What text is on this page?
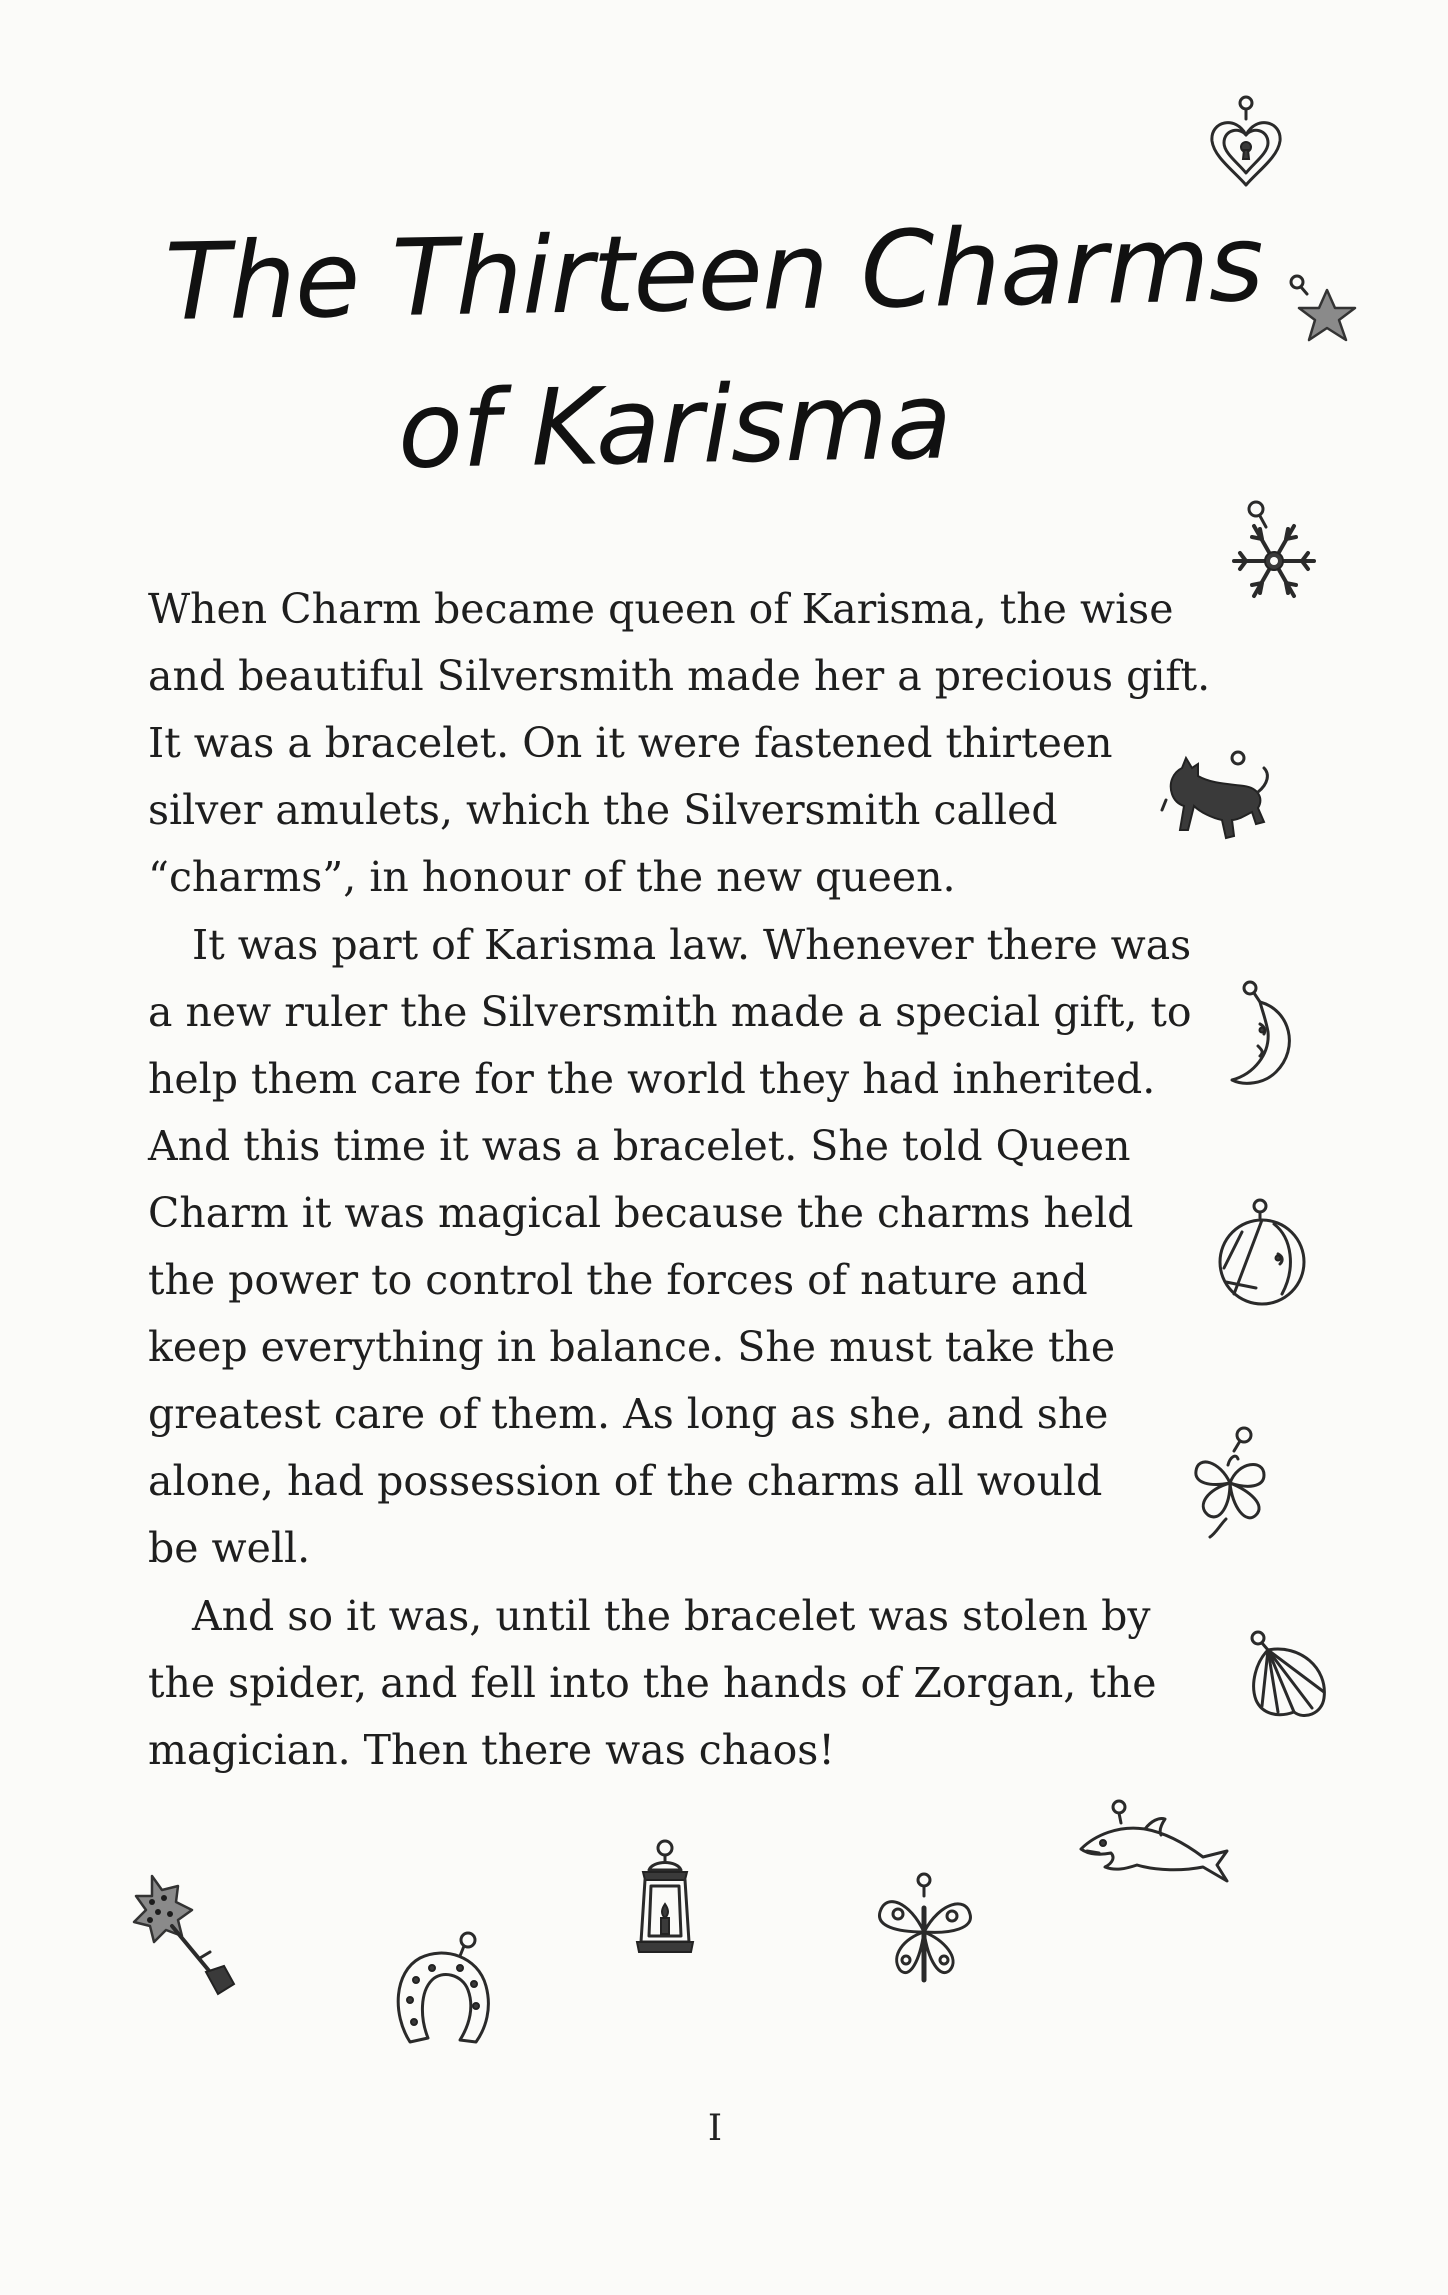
The Thirteen Charms
of Karisma

When Charm became queen of Karisma, the wise
and beautiful Silversmith made her a precious gift.
It was a bracelet. On it were fastened thirteen
silver amulets, which the Silversmith called
“charms”, in honour of the new queen.

It was part of Karisma law. Whenever there was
a new ruler the Silversmith made a special gift, to
help them care for the world they had inherited.
And this time it was a bracelet. She told Queen
Charm it was magical because the charms held
the power to control the forces of nature and
keep everything in balance. She must take the
greatest care of them. As long as she, and she
alone, had possession of the charms all would
be well.

And so it was, until the bracelet was stolen by
the spider, and fell into the hands of Zorgan, the
magician. Then there was chaos!

I
